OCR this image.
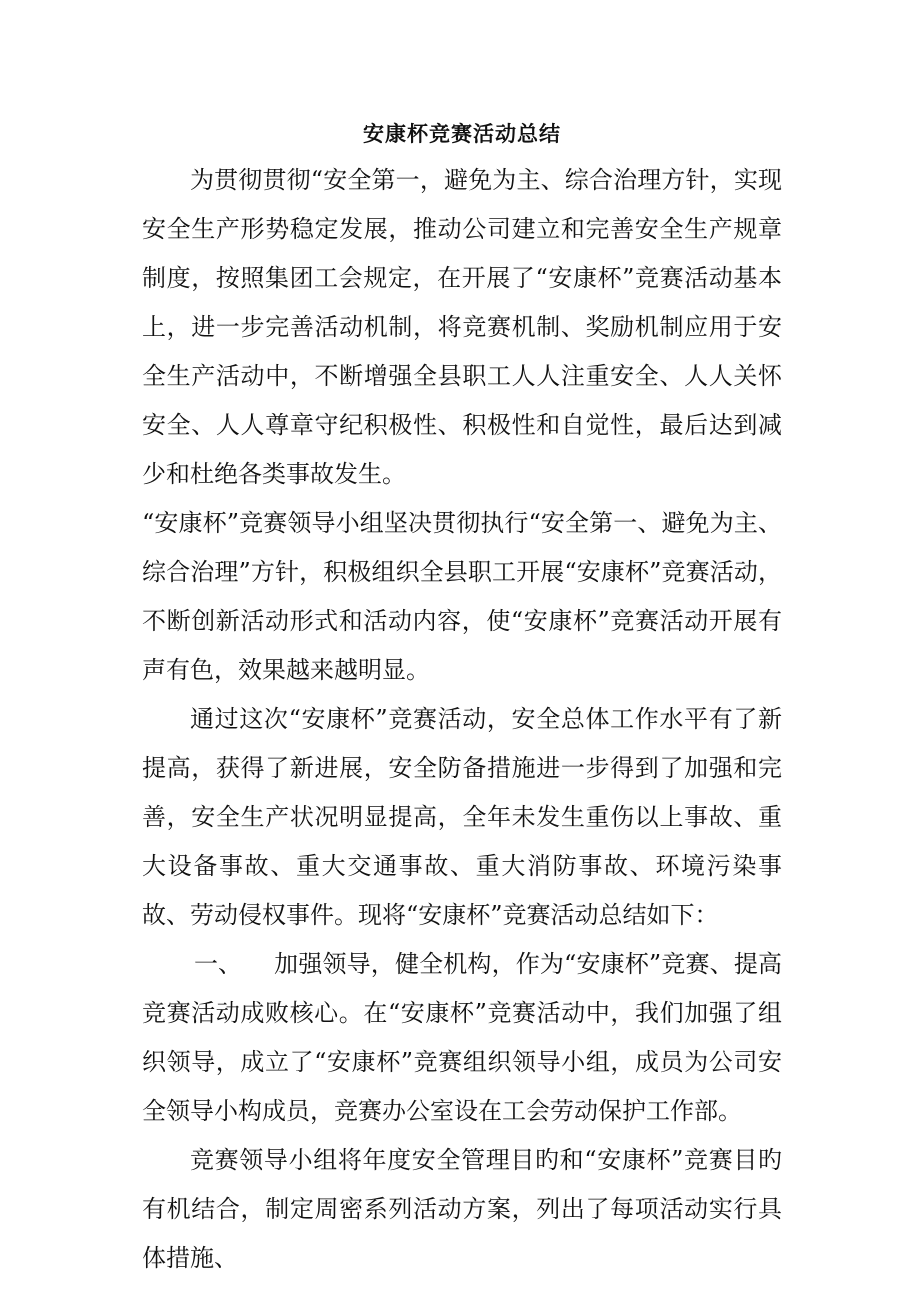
安康杯竞赛活动总结

为贯彻贯彻“安全第一，避免为主、综合治理方针，实现安全生产形势稳定发展，推动公司建立和完善安全生产规章制度，按照集团工会规定，在开展了“安康杯”竞赛活动基本上，进一步完善活动机制，将竞赛机制、奖励机制应用于安全生产活动中，不断增强全县职工人人注重安全、人人关怀安全、人人尊章守纪积极性、积极性和自觉性，最后达到减少和杜绝各类事故发生。

“安康杯”竞赛领导小组坚决贯彻执行“安全第一、避免为主、综合治理”方针，积极组织全县职工开展“安康杯”竞赛活动，不断创新活动形式和活动内容，使“安康杯”竞赛活动开展有声有色，效果越来越明显。

通过这次“安康杯”竞赛活动，安全总体工作水平有了新提高，获得了新进展，安全防备措施进一步得到了加强和完善，安全生产状况明显提高，全年未发生重伤以上事故、重大设备事故、重大交通事故、重大消防事故、环境污染事故、劳动侵权事件。现将“安康杯”竞赛活动总结如下：

一、 加强领导，健全机构，作为“安康杯”竞赛、提高竞赛活动成败核心。在“安康杯”竞赛活动中，我们加强了组织领导，成立了“安康杯”竞赛组织领导小组，成员为公司安全领导小构成员，竞赛办公室设在工会劳动保护工作部。

竞赛领导小组将年度安全管理目旳和“安康杯”竞赛目旳有机结合，制定周密系列活动方案，列出了每项活动实行具体措施、
